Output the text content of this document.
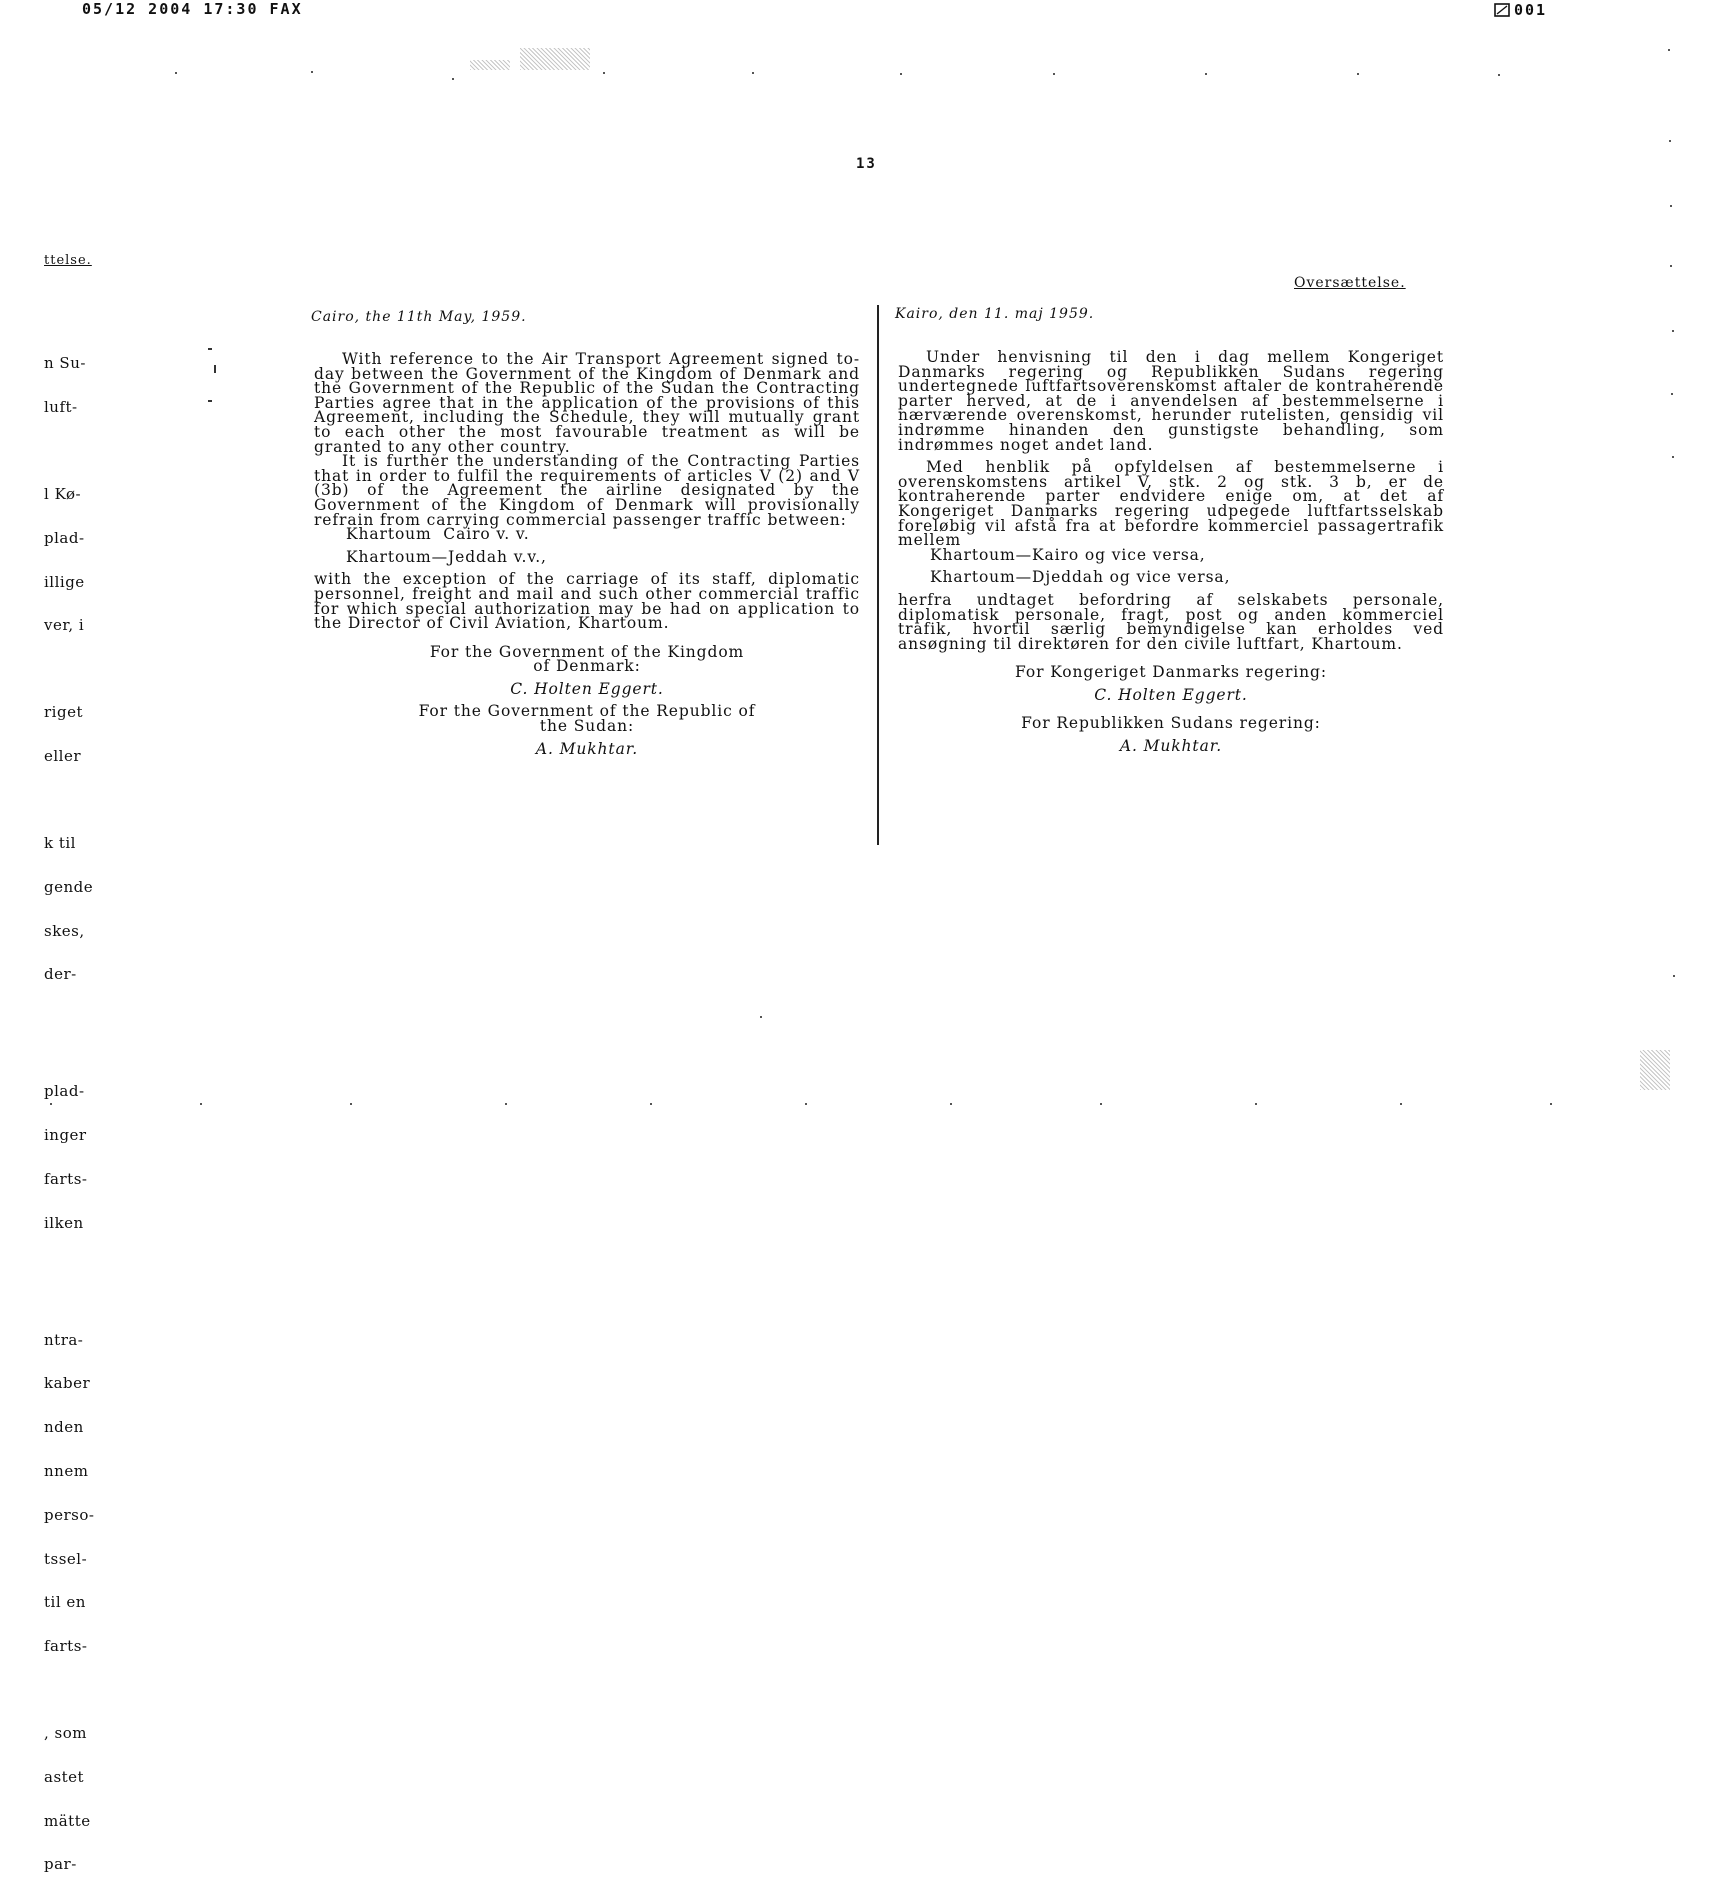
05/12 2004 17:30 FAX	001
13
ttelse.

n Su-

luft-

l Kø-

plad-

illige

ver, i

riget

eller

k til

gende

skes,

der-

plad-

inger

farts-

ilken

ntra-

kaber

nden

nnem

perso-

tssel-

til en

farts-

, som

astet

mätte

par-

Oversættelse.
Cairo, the 11th May, 1959.

With reference to the Air Transport Agreement signed to-day between the Government of the Kingdom of Denmark and the Government of the Republic of the Sudan the Contracting Parties agree that in the application of the provisions of this Agreement, including the Schedule, they will mutually grant to each other the most favourable treatment as will be granted to any other country.

It is further the understanding of the Contracting Parties that in order to fulfil the requirements of articles V (2) and V (3b) of the Agreement the airline designated by the Government of the Kingdom of Denmark will provisionally refrain from carrying commercial passenger traffic between:

Khartoum  Cairo v. v.

Khartoum—Jeddah v.v.,

with the exception of the carriage of its staff, diplomatic personnel, freight and mail and such other commercial traffic for which special authorization may be had on application to the Director of Civil Aviation, Khartoum.

For the Government of the Kingdom

of Denmark:

C. Holten Eggert.

For the Government of the Republic of

the Sudan:

A. Mukhtar.

Kairo, den 11. maj 1959.

Under henvisning til den i dag mellem Kongeriget Danmarks regering og Republikken Sudans regering undertegnede luftfartsoverenskomst aftaler de kontraherende parter herved, at de i anvendelsen af bestemmelserne i nærværende overenskomst, herunder rutelisten, gensidig vil indrømme hinanden den gunstigste behandling, som indrømmes noget andet land.

Med henblik på opfyldelsen af bestemmelserne i overenskomstens artikel V, stk. 2 og stk. 3 b, er de kontraherende parter endvidere enige om, at det af Kongeriget Danmarks regering udpegede luftfartsselskab foreløbig vil afstå fra at befordre kommerciel passagertrafik mellem

Khartoum—Kairo og vice versa,

Khartoum—Djeddah og vice versa,

herfra undtaget befordring af selskabets personale, diplomatisk personale, fragt, post og anden kommerciel trafik, hvortil særlig bemyndigelse kan erholdes ved ansøgning til direktøren for den civile luftfart, Khartoum.

For Kongeriget Danmarks regering:

C. Holten Eggert.

For Republikken Sudans regering:

A. Mukhtar.
